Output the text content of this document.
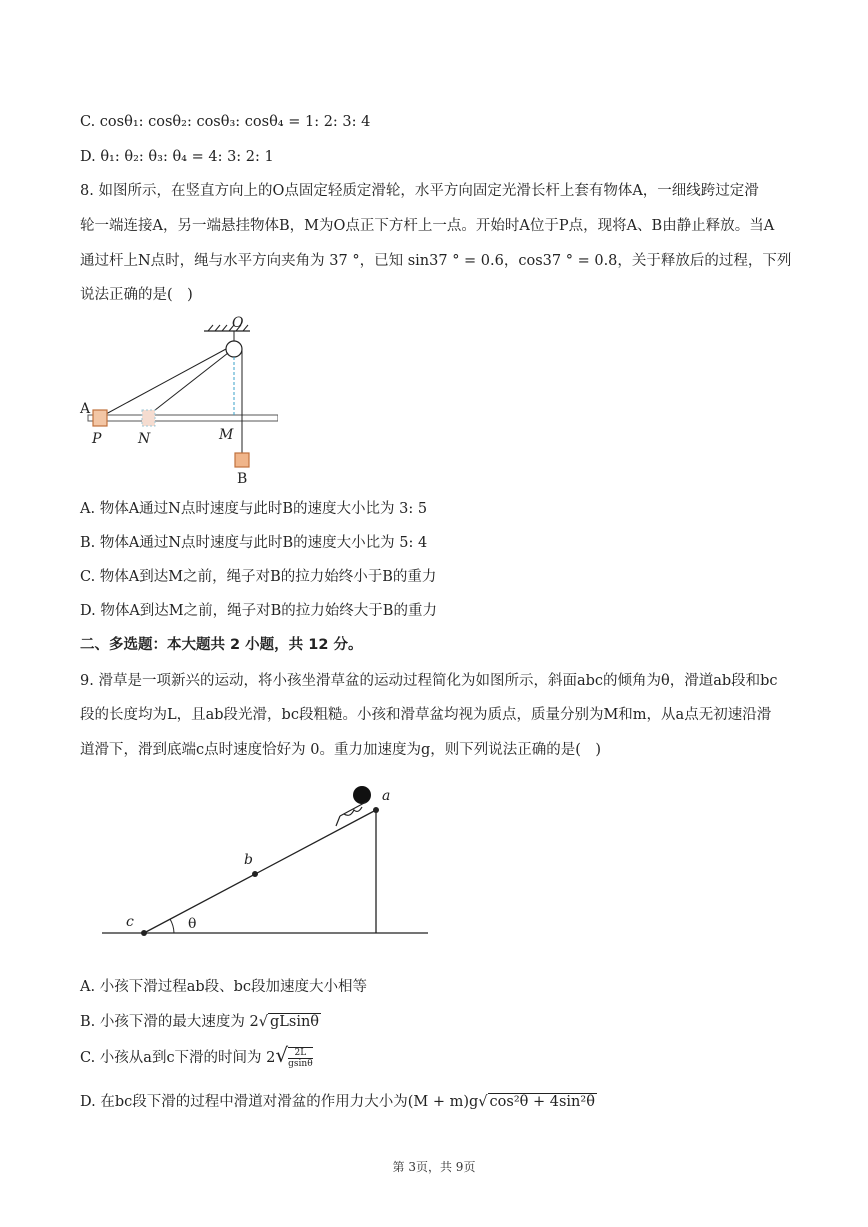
C. cosθ₁: cosθ₂: cosθ₃: cosθ₄ = 1: 2: 3: 4
D. θ₁: θ₂: θ₃: θ₄ = 4: 3: 2: 1
8. 如图所示，在竖直方向上的O点固定轻质定滑轮，水平方向固定光滑长杆上套有物体A，一细线跨过定滑
轮一端连接A，另一端悬挂物体B，M为O点正下方杆上一点。开始时A位于P点，现将A、B由静止释放。当A
通过杆上N点时，绳与水平方向夹角为 37 °，已知 sin37 ° = 0.6，cos37 ° = 0.8，关于释放后的过程，下列
说法正确的是(　)
O
A
P	N	M
B
A. 物体A通过N点时速度与此时B的速度大小比为 3: 5
B. 物体A通过N点时速度与此时B的速度大小比为 5: 4
C. 物体A到达M之前，绳子对B的拉力始终小于B的重力
D. 物体A到达M之前，绳子对B的拉力始终大于B的重力
二、多选题：本大题共 2 小题，共 12 分。
9. 滑草是一项新兴的运动，将小孩坐滑草盆的运动过程简化为如图所示，斜面abc的倾角为θ，滑道ab段和bc
段的长度均为L，且ab段光滑，bc段粗糙。小孩和滑草盆均视为质点，质量分别为M和m，从a点无初速沿滑
道滑下，滑到底端c点时速度恰好为 0。重力加速度为g，则下列说法正确的是(　)
a
b
c	θ
A. 小孩下滑过程ab段、bc段加速度大小相等
B. 小孩下滑的最大速度为 2√ gLsinθ
C. 小孩从a到c下滑的时间为 $2√ \frac{2L}{gsin\theta}$
D. 在bc段下滑的过程中滑道对滑盆的作用力大小为(M + m)g√ cos²θ + 4sin²θ
第 3页，共 9页
